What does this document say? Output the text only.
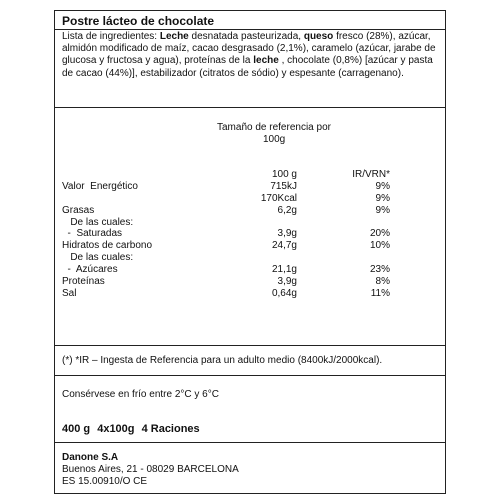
Postre lácteo de chocolate
Lista de ingredientes: Leche desnatada pasteurizada, queso fresco (28%), azúcar, almidón modificado de maíz, cacao desgrasado (2,1%), caramelo (azúcar, jarabe de glucosa y fructosa y agua), proteínas de la leche , chocolate (0,8%) [azúcar y pasta de cacao (44%)], estabilizador (citratos de sódio) y espesante (carragenano).
Tamaño de referencia por
100g
100 g	IR/VRN*
Valor  Energético	715kJ	9%
170Kcal	9%
Grasas	6,2g	9%
De las cuales:
-  Saturadas	3,9g	20%
Hidratos de carbono	24,7g	10%
De las cuales:
-  Azúcares	21,1g	23%
Proteínas	3,9g	8%
Sal	0,64g	11%
(*) *IR – Ingesta de Referencia para un adulto medio (8400kJ/2000kcal).
Consérvese en frío entre 2°C y 6°C
400 g 4x100g 4 Raciones
Danone S.A
Buenos Aires, 21 - 08029 BARCELONA
ES 15.00910/O CE
